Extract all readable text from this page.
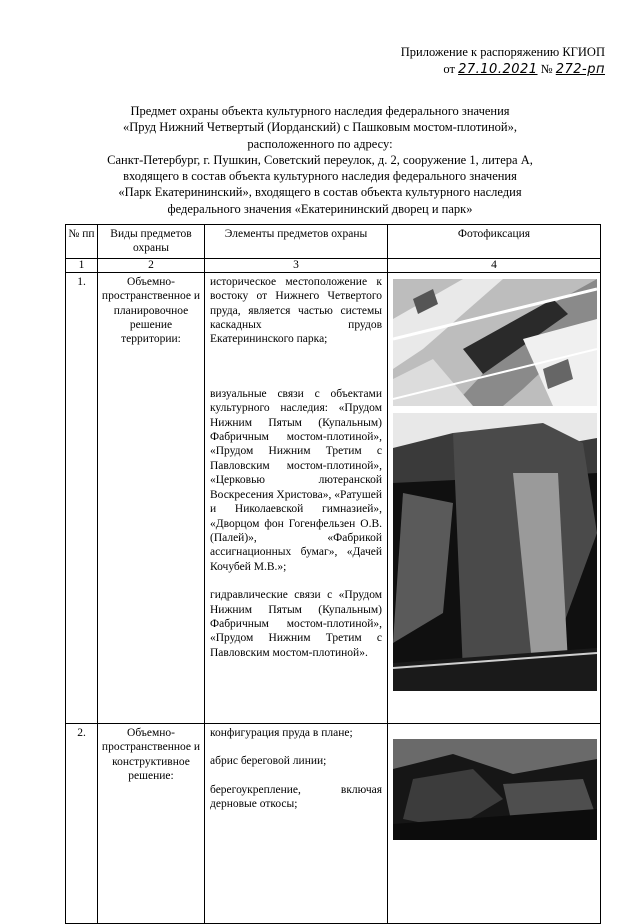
Приложение к распоряжению КГИОП
от 27.10.2021 № 272-рп
Предмет охраны объекта культурного наследия федерального значения
«Пруд Нижний Четвертый (Иорданский) с Пашковым мостом-плотиной»,
расположенного по адресу:
Санкт-Петербург, г. Пушкин, Советский переулок, д. 2, сооружение 1, литера А,
входящего в состав объекта культурного наследия федерального значения
«Парк Екатерининский», входящего в состав объекта культурного наследия
федерального значения «Екатерининский дворец и парк»
№ пп	Виды предметов охраны	Элементы предметов охраны	Фотофиксация
1	2	3	4
1.	Объемно-пространственное и планировочное решение территории:	историческое местоположение к востоку от Нижнего Четвертого пруда, является частью системы каскадных прудов Екатерининского парка;

визуальные связи с объектами культурного наследия: «Прудом Нижним Пятым (Купальным) Фабричным мостом-плотиной», «Прудом Нижним Третим с Павловским мостом-плотиной», «Церковью лютеранской Воскресения Христова», «Ратушей и Николаевской гимназией», «Дворцом фон Гогенфельзен О.В. (Палей)», «Фабрикой ассигнационных бумаг», «Дачей Кочубей М.В.»;

гидравлические связи с «Прудом Нижним Пятым (Купальным) Фабричным мостом-плотиной», «Прудом Нижним Третим с Павловским мостом-плотиной».

2.	Объемно-пространственное и конструктивное решение:	конфигурация пруда в плане;

абрис береговой линии;

берегоукрепление, включая дерновые откосы;
